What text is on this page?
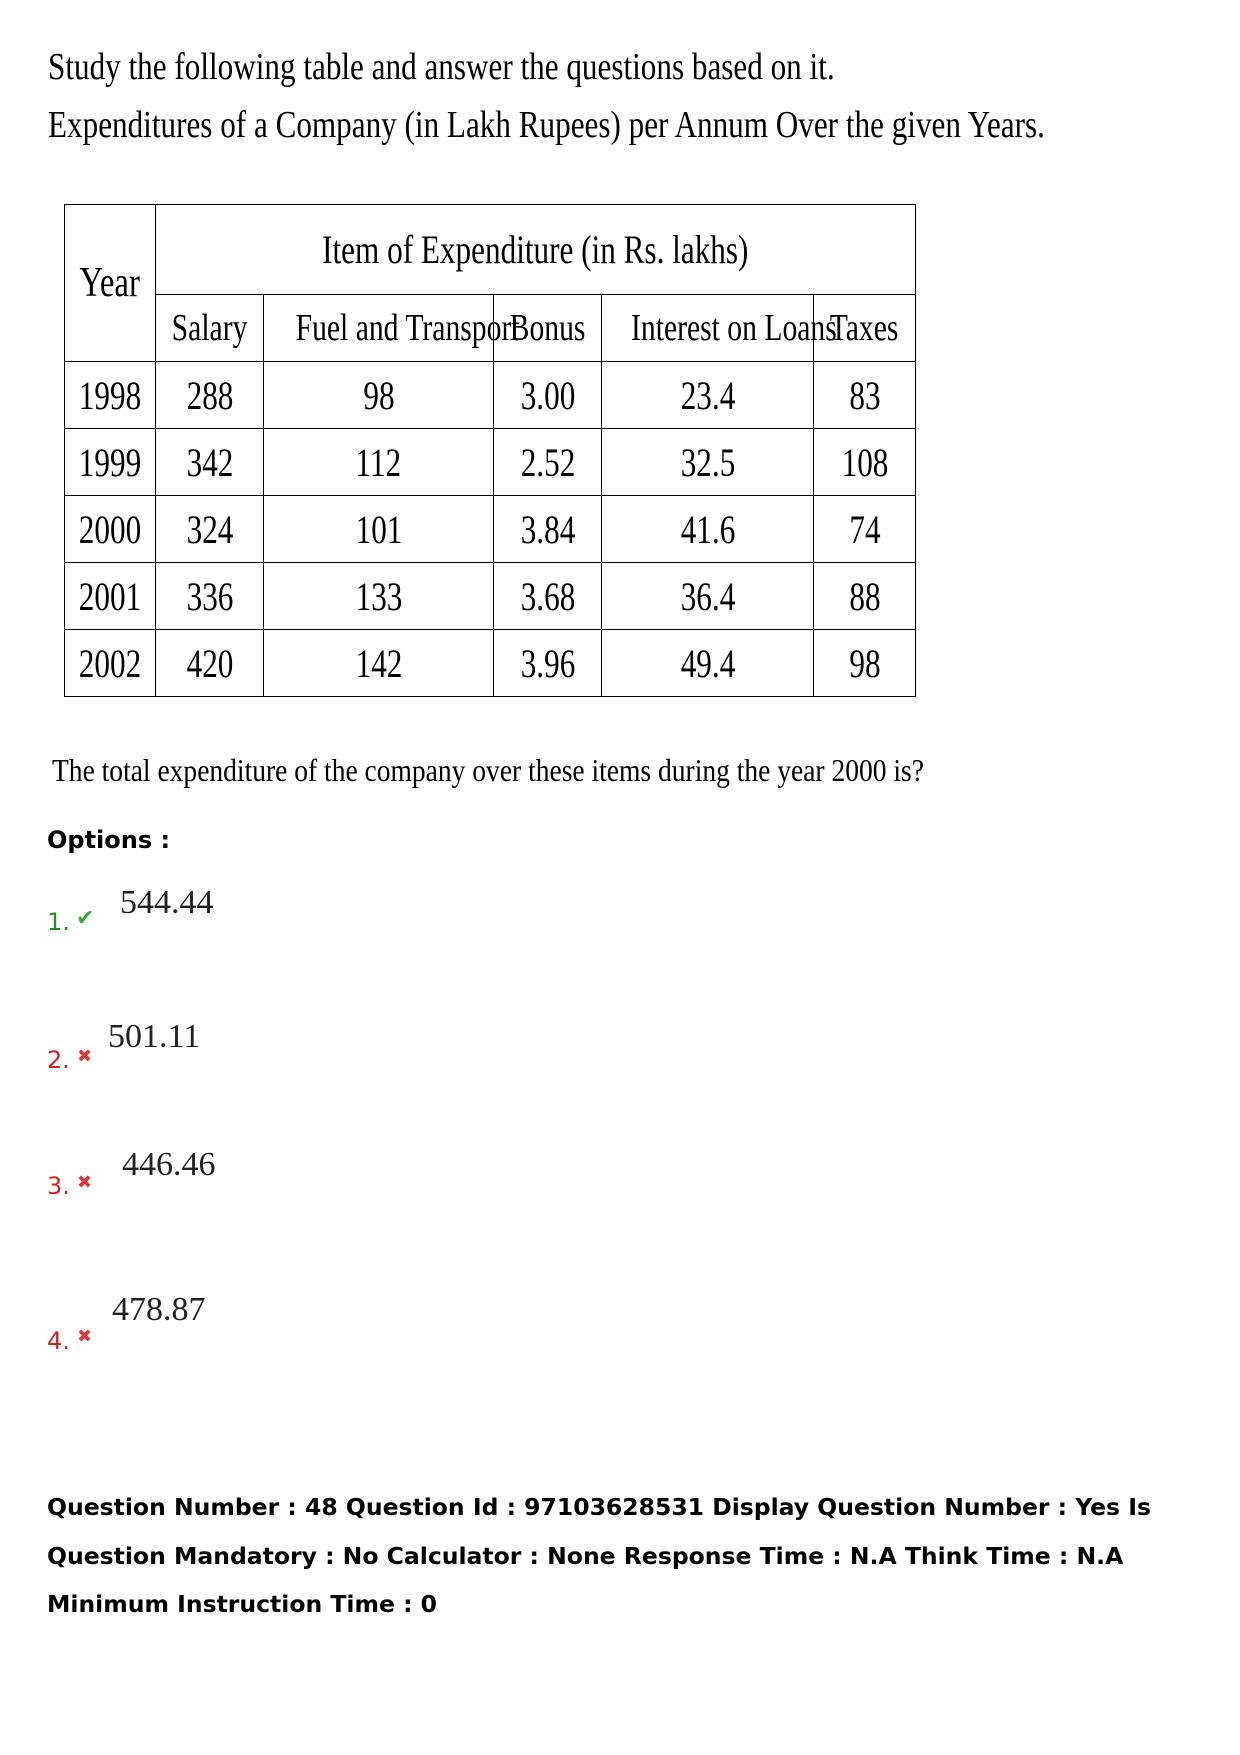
Study the following table and answer the questions based on it.
Expenditures of a Company (in Lakh Rupees) per Annum Over the given Years.
Year	Item of Expenditure (in Rs. lakhs)				
	Salary	Fuel and Transport	Bonus	Interest on Loans	Taxes
1998	288	98	3.00	23.4	83
1999	342	112	2.52	32.5	108
2000	324	101	3.84	41.6	74
2001	336	133	3.68	36.4	88
2002	420	142	3.96	49.4	98
The total expenditure of the company over these items during the year 2000 is?
Options :
1. ✔ 544.44
2. ✖
501.11
3. ✖ 446.46
4. ✖
478.87
Question Number : 48 Question Id : 97103628531 Display Question Number : Yes Is Question Mandatory : No Calculator : None Response Time : N.A Think Time : N.A Minimum Instruction Time : 0
